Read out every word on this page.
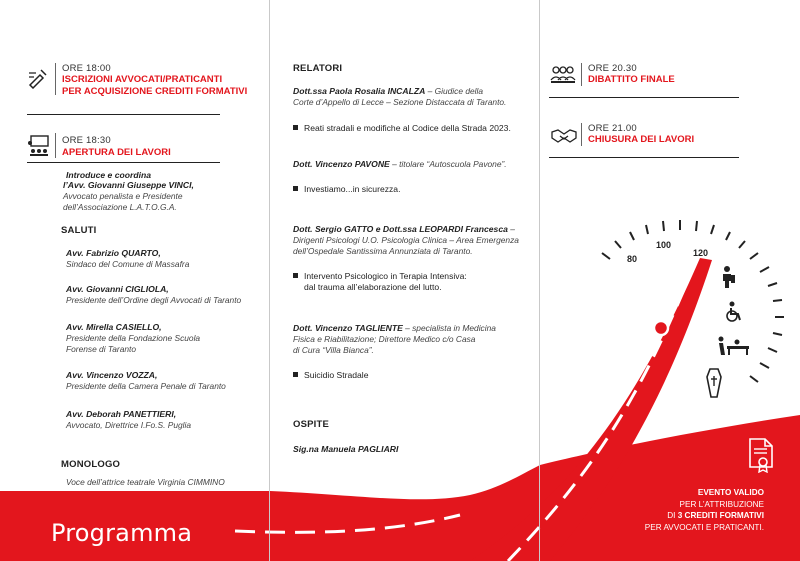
ORE 18:00
ISCRIZIONI AVVOCATI/PRATICANTI
PER ACQUISIZIONE CREDITI FORMATIVI
ORE 18:30
APERTURA DEI LAVORI
Introduce e coordina
l’Avv. Giovanni Giuseppe VINCI,
Avvocato penalista e Presidente
dell’Associazione L.A.T.O.G.A.
SALUTI
Avv. Fabrizio QUARTO,
Sindaco del Comune di Massafra
Avv. Giovanni CIGLIOLA,
Presidente dell’Ordine degli Avvocati di Taranto
Avv. Mirella CASIELLO,
Presidente della Fondazione Scuola
Forense di Taranto
Avv. Vincenzo VOZZA,
Presidente della Camera Penale di Taranto
Avv. Deborah PANETTIERI,
Avvocato, Direttrice I.Fo.S. Puglia
MONOLOGO
Voce dell’attrice teatrale Virginia CIMMINO
Programma
RELATORI
Dott.ssa Paola Rosalia INCALZA – Giudice della
Corte d’Appello di Lecce – Sezione Distaccata di Taranto.
Reati stradali e modifiche al Codice della Strada 2023.
Dott. Vincenzo PAVONE – titolare “Autoscuola Pavone”.
Investiamo...in sicurezza.
Dott. Sergio GATTO e Dott.ssa LEOPARDI Francesca –
Dirigenti Psicologi U.O. Psicologia Clinica – Area Emergenza
dell’Ospedale Santissima Annunziata di Taranto.
Intervento Psicologico in Terapia Intensiva:
dal trauma all’elaborazione del lutto.
Dott. Vincenzo TAGLIENTE – specialista in Medicina
Fisica e Riabilitazione; Direttore Medico c/o Casa
di Cura “Villa Bianca”.
Suicidio Stradale
OSPITE
Sig.na Manuela PAGLIARI
ORE 20.30
DIBATTITO FINALE
ORE 21.00
CHIUSURA DEI LAVORI
80
100
120
EVENTO VALIDO
PER L’ATTRIBUZIONE
DI 3 CREDITI FORMATIVI
PER AVVOCATI E PRATICANTI.
